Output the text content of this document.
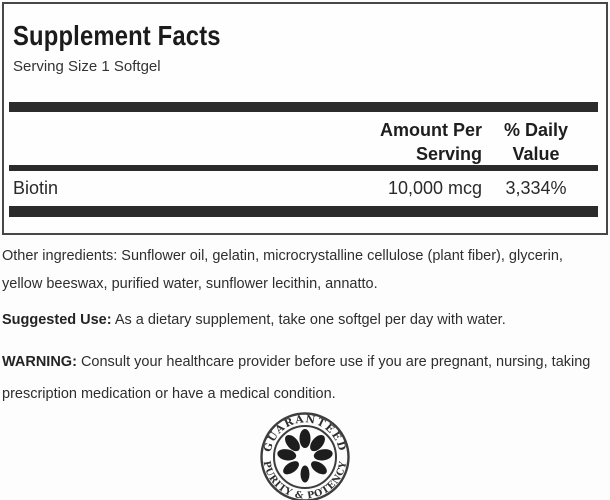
Supplement Facts
Serving Size 1 Softgel
Amount Per
Serving
% Daily
Value
Biotin	10,000 mcg	3,334%
Other ingredients: Sunflower oil, gelatin, microcrystalline cellulose (plant fiber), glycerin,
yellow beeswax, purified water, sunflower lecithin, annatto.
Suggested Use: As a dietary supplement, take one softgel per day with water.
WARNING: Consult your healthcare provider before use if you are pregnant, nursing, taking
prescription medication or have a medical condition.
GUARANTEED
PURITY & POTENCY
